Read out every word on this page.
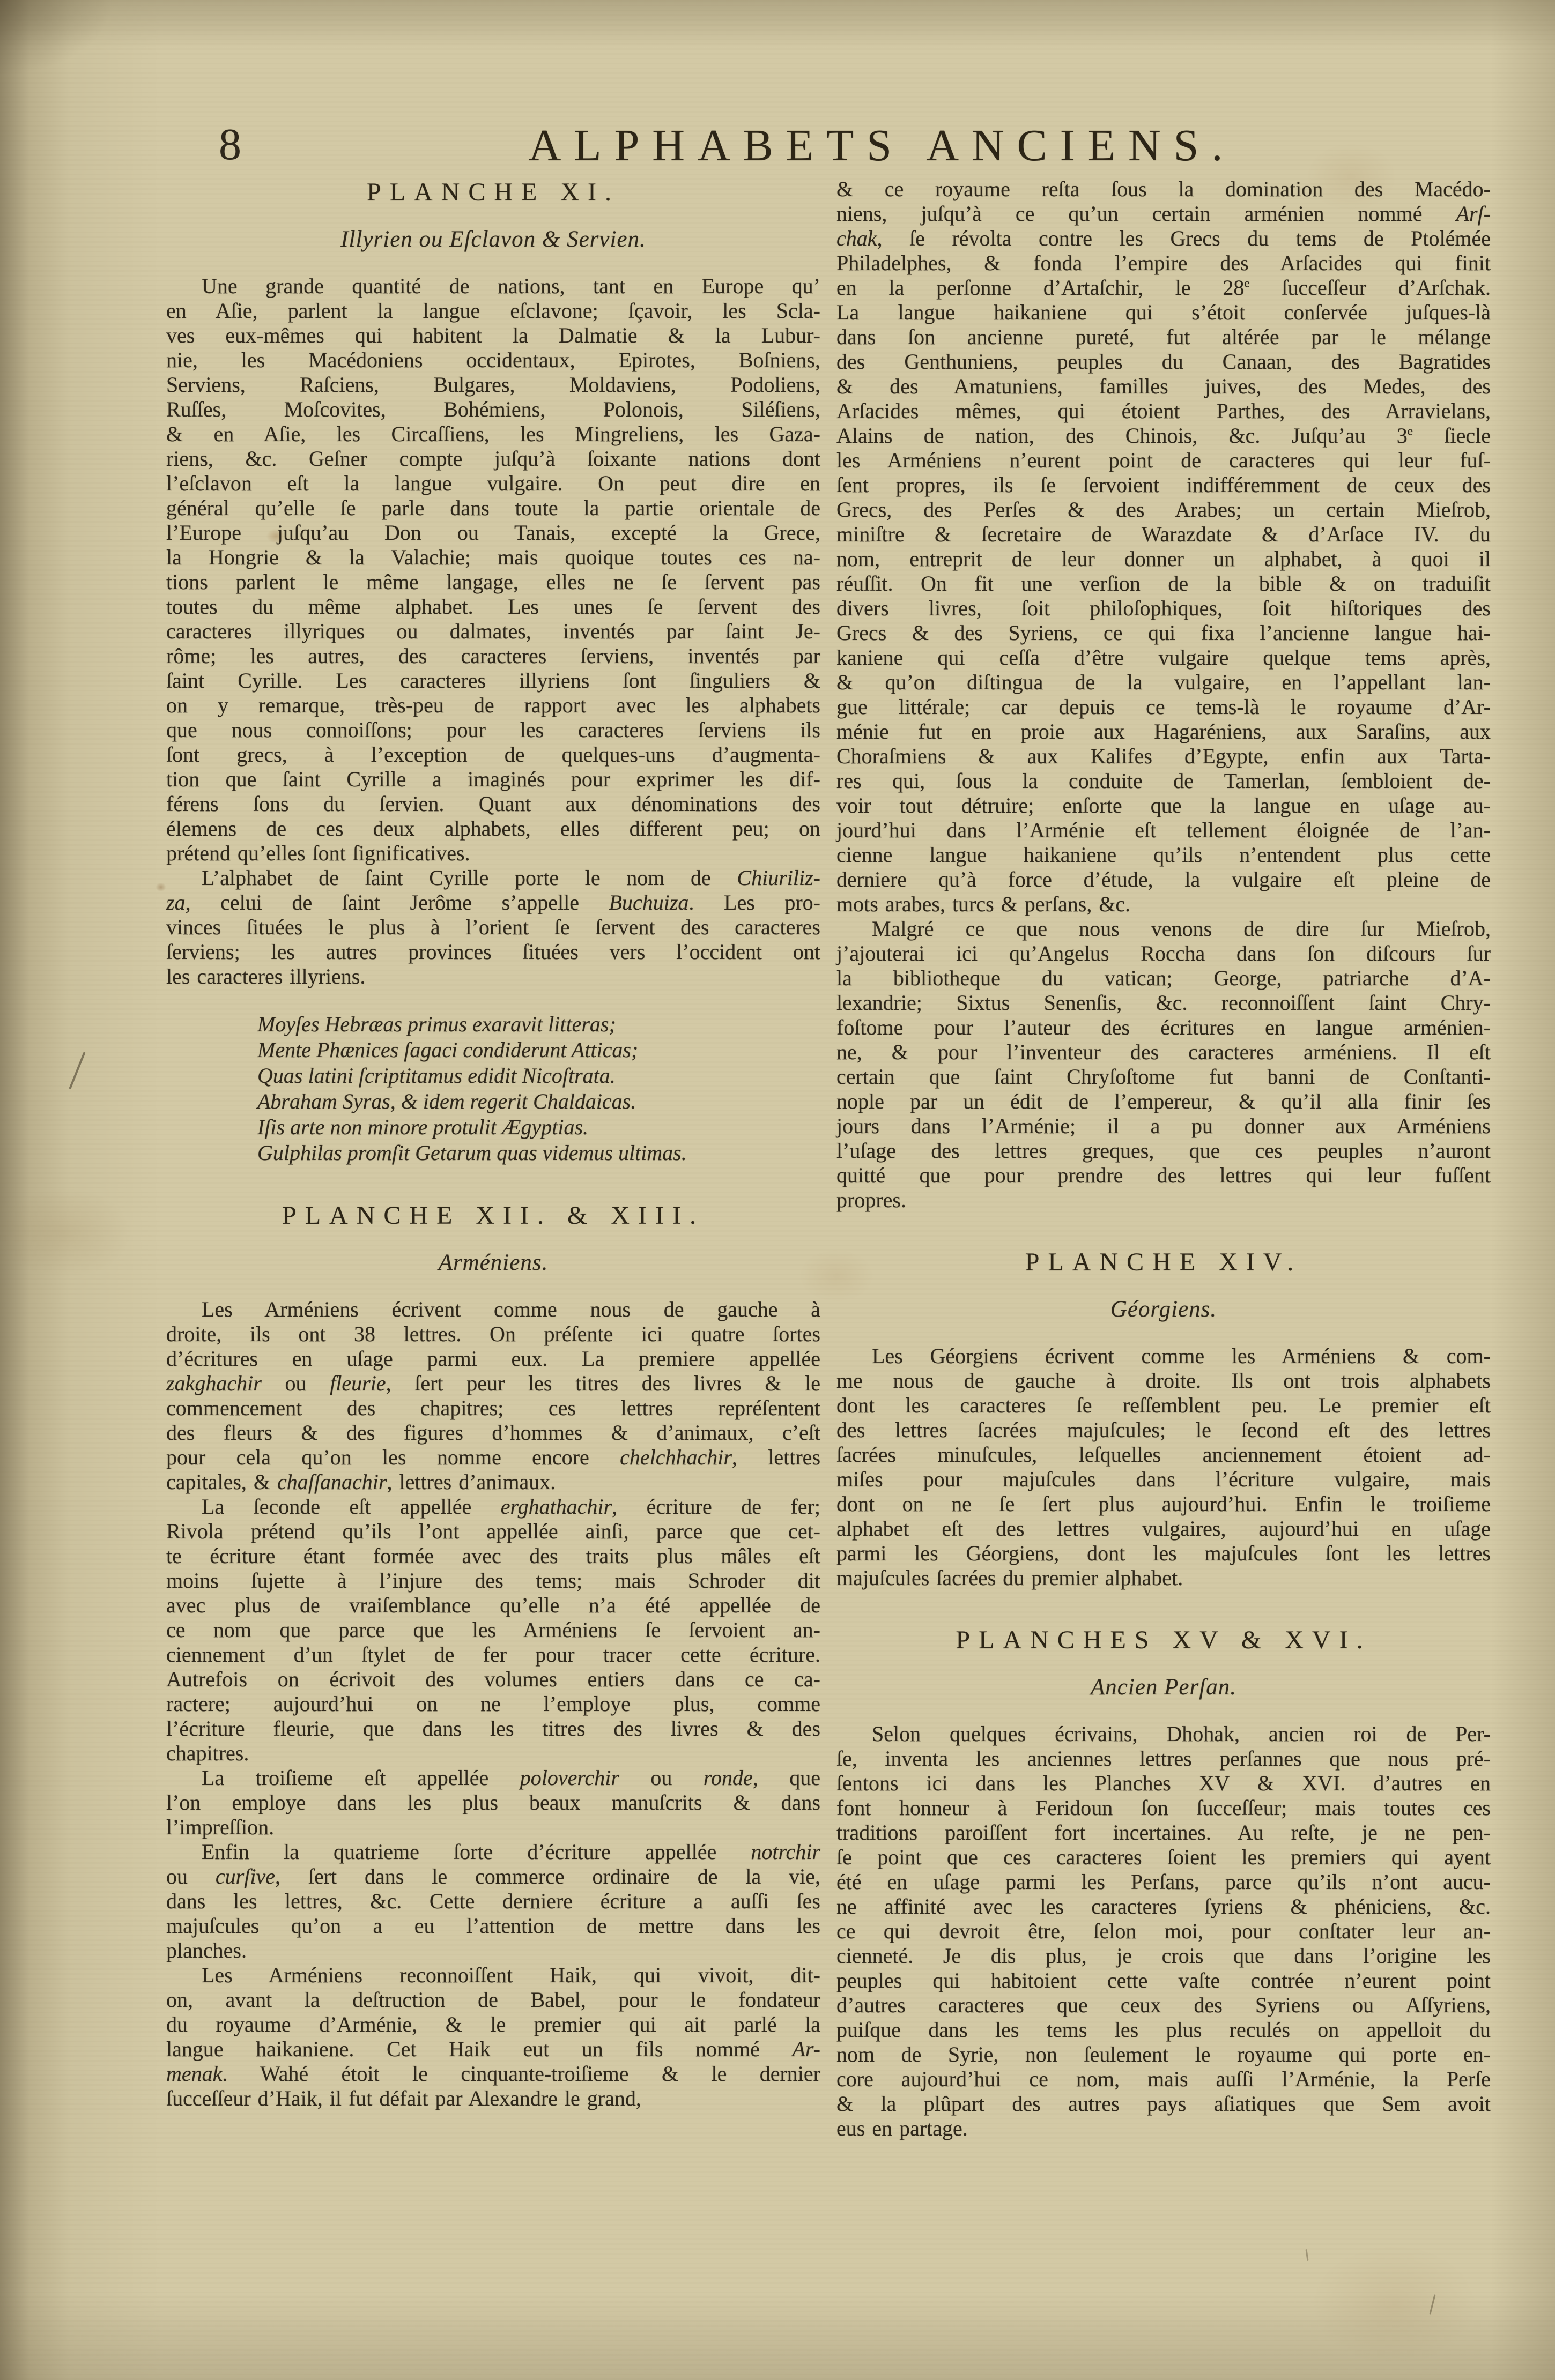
8	ALPHABETS ANCIENS.
PLANCHE XI.
Illyrien ou Eſclavon & Servien.
Une grande quantité de nations, tant en Europe qu’
en Aſie, parlent la langue eſclavone; ſçavoir, les Scla-
ves eux-mêmes qui habitent la Dalmatie & la Lubur-
nie, les Macédoniens occidentaux, Epirotes, Boſniens,
Serviens, Raſciens, Bulgares, Moldaviens, Podoliens,
Ruſſes, Moſcovites, Bohémiens, Polonois, Siléſiens,
& en Aſie, les Circaſſiens, les Mingreliens, les Gaza-
riens, &c. Geſner compte juſqu’à ſoixante nations dont
l’eſclavon eſt la langue vulgaire. On peut dire en
général qu’elle ſe parle dans toute la partie orientale de
l’Europe juſqu’au Don ou Tanais, excepté la Grece,
la Hongrie & la Valachie; mais quoique toutes ces na-
tions parlent le même langage, elles ne ſe ſervent pas
toutes du même alphabet. Les unes ſe ſervent des
caracteres illyriques ou dalmates, inventés par ſaint Je-
rôme; les autres, des caracteres ſerviens, inventés par
ſaint Cyrille. Les caracteres illyriens ſont ſinguliers &
on y remarque, très-peu de rapport avec les alphabets
que nous connoiſſons; pour les caracteres ſerviens ils
ſont grecs, à l’exception de quelques-uns d’augmenta-
tion que ſaint Cyrille a imaginés pour exprimer les dif-
férens ſons du ſervien. Quant aux dénominations des
élemens de ces deux alphabets, elles different peu; on
prétend qu’elles ſont ſignificatives.
L’alphabet de ſaint Cyrille porte le nom de Chiuriliz-
za, celui de ſaint Jerôme s’appelle Buchuiza. Les pro-
vinces ſituées le plus à l’orient ſe ſervent des caracteres
ſerviens; les autres provinces ſituées vers l’occident ont
les caracteres illyriens.
Moyſes Hebræas primus exaravit litteras;
Mente Phænices ſagaci condiderunt Atticas;
Quas latini ſcriptitamus edidit Nicoſtrata.
Abraham Syras, & idem regerit Chaldaicas.
Iſis arte non minore protulit Ægyptias.
Gulphilas promſit Getarum quas videmus ultimas.
PLANCHE XII. & XIII.
Arméniens.
Les Arméniens écrivent comme nous de gauche à
droite, ils ont 38 lettres. On préſente ici quatre ſortes
d’écritures en uſage parmi eux. La premiere appellée
zakghachir ou fleurie, ſert peur les titres des livres & le
commencement des chapitres; ces lettres repréſentent
des fleurs & des figures d’hommes & d’animaux, c’eſt
pour cela qu’on les nomme encore chelchhachir, lettres
capitales, & chaſſanachir, lettres d’animaux.
La ſeconde eſt appellée erghathachir, écriture de fer;
Rivola prétend qu’ils l’ont appellée ainſi, parce que cet-
te écriture étant formée avec des traits plus mâles eſt
moins ſujette à l’injure des tems; mais Schroder dit
avec plus de vraiſemblance qu’elle n’a été appellée de
ce nom que parce que les Arméniens ſe ſervoient an-
ciennement d’un ſtylet de fer pour tracer cette écriture.
Autrefois on écrivoit des volumes entiers dans ce ca-
ractere; aujourd’hui on ne l’employe plus, comme
l’écriture fleurie, que dans les titres des livres & des
chapitres.
La troiſieme eſt appellée poloverchir ou ronde, que
l’on employe dans les plus beaux manuſcrits & dans
l’impreſſion.
Enfin la quatrieme ſorte d’écriture appellée notrchir
ou curſive, ſert dans le commerce ordinaire de la vie,
dans les lettres, &c. Cette derniere écriture a auſſi ſes
majuſcules qu’on a eu l’attention de mettre dans les
planches.
Les Arméniens reconnoiſſent Haik, qui vivoit, dit-
on, avant la deſtruction de Babel, pour le fondateur
du royaume d’Arménie, & le premier qui ait parlé la
langue haikaniene. Cet Haik eut un fils nommé Ar-
menak. Wahé étoit le cinquante-troiſieme & le dernier
ſucceſſeur d’Haik, il fut défait par Alexandre le grand,
& ce royaume reſta ſous la domination des Macédo-
niens, juſqu’à ce qu’un certain arménien nommé Arſ-
chak, ſe révolta contre les Grecs du tems de Ptolémée
Philadelphes, & fonda l’empire des Arſacides qui finit
en la perſonne d’Artaſchir, le 28e ſucceſſeur d’Arſchak.
La langue haikaniene qui s’étoit conſervée juſques-là
dans ſon ancienne pureté, fut altérée par le mélange
des Genthuniens, peuples du Canaan, des Bagratides
& des Amatuniens, familles juives, des Medes, des
Arſacides mêmes, qui étoient Parthes, des Arravielans,
Alains de nation, des Chinois, &c. Juſqu’au 3e ſiecle
les Arméniens n’eurent point de caracteres qui leur fuſ-
ſent propres, ils ſe ſervoient indifféremment de ceux des
Grecs, des Perſes & des Arabes; un certain Mieſrob,
miniſtre & ſecretaire de Warazdate & d’Arſace IV. du
nom, entreprit de leur donner un alphabet, à quoi il
réuſſit. On fit une verſion de la bible & on traduiſit
divers livres, ſoit philoſophiques, ſoit hiſtoriques des
Grecs & des Syriens, ce qui fixa l’ancienne langue hai-
kaniene qui ceſſa d’être vulgaire quelque tems après,
& qu’on diſtingua de la vulgaire, en l’appellant lan-
gue littérale; car depuis ce tems-là le royaume d’Ar-
ménie fut en proie aux Hagaréniens, aux Saraſins, aux
Choraſmiens & aux Kalifes d’Egypte, enfin aux Tarta-
res qui, ſous la conduite de Tamerlan, ſembloient de-
voir tout détruire; enſorte que la langue en uſage au-
jourd’hui dans l’Arménie eſt tellement éloignée de l’an-
cienne langue haikaniene qu’ils n’entendent plus cette
derniere qu’à force d’étude, la vulgaire eſt pleine de
mots arabes, turcs & perſans, &c.
Malgré ce que nous venons de dire ſur Mieſrob,
j’ajouterai ici qu’Angelus Roccha dans ſon diſcours ſur
la bibliotheque du vatican; George, patriarche d’A-
lexandrie; Sixtus Senenſis, &c. reconnoiſſent ſaint Chry-
foſtome pour l’auteur des écritures en langue arménien-
ne, & pour l’inventeur des caracteres arméniens. Il eſt
certain que ſaint Chryſoſtome fut banni de Conſtanti-
nople par un édit de l’empereur, & qu’il alla finir ſes
jours dans l’Arménie; il a pu donner aux Arméniens
l’uſage des lettres greques, que ces peuples n’auront
quitté que pour prendre des lettres qui leur fuſſent
propres.
PLANCHE XIV.
Géorgiens.
Les Géorgiens écrivent comme les Arméniens & com-
me nous de gauche à droite. Ils ont trois alphabets
dont les caracteres ſe reſſemblent peu. Le premier eſt
des lettres ſacrées majuſcules; le ſecond eſt des lettres
ſacrées minuſcules, leſquelles anciennement étoient ad-
miſes pour majuſcules dans l’écriture vulgaire, mais
dont on ne ſe ſert plus aujourd’hui. Enfin le troiſieme
alphabet eſt des lettres vulgaires, aujourd’hui en uſage
parmi les Géorgiens, dont les majuſcules ſont les lettres
majuſcules ſacrées du premier alphabet.
PLANCHES XV & XVI.
Ancien Perſan.
Selon quelques écrivains, Dhohak, ancien roi de Per-
ſe, inventa les anciennes lettres perſannes que nous pré-
ſentons ici dans les Planches XV & XVI. d’autres en
font honneur à Feridoun ſon ſucceſſeur; mais toutes ces
traditions paroiſſent fort incertaines. Au reſte, je ne pen-
ſe point que ces caracteres ſoient les premiers qui ayent
été en uſage parmi les Perſans, parce qu’ils n’ont aucu-
ne affinité avec les caracteres ſyriens & phéniciens, &c.
ce qui devroit être, ſelon moi, pour conſtater leur an-
cienneté. Je dis plus, je crois que dans l’origine les
peuples qui habitoient cette vaſte contrée n’eurent point
d’autres caracteres que ceux des Syriens ou Aſſyriens,
puiſque dans les tems les plus reculés on appelloit du
nom de Syrie, non ſeulement le royaume qui porte en-
core aujourd’hui ce nom, mais auſſi l’Arménie, la Perſe
& la plûpart des autres pays aſiatiques que Sem avoit
eus en partage.
